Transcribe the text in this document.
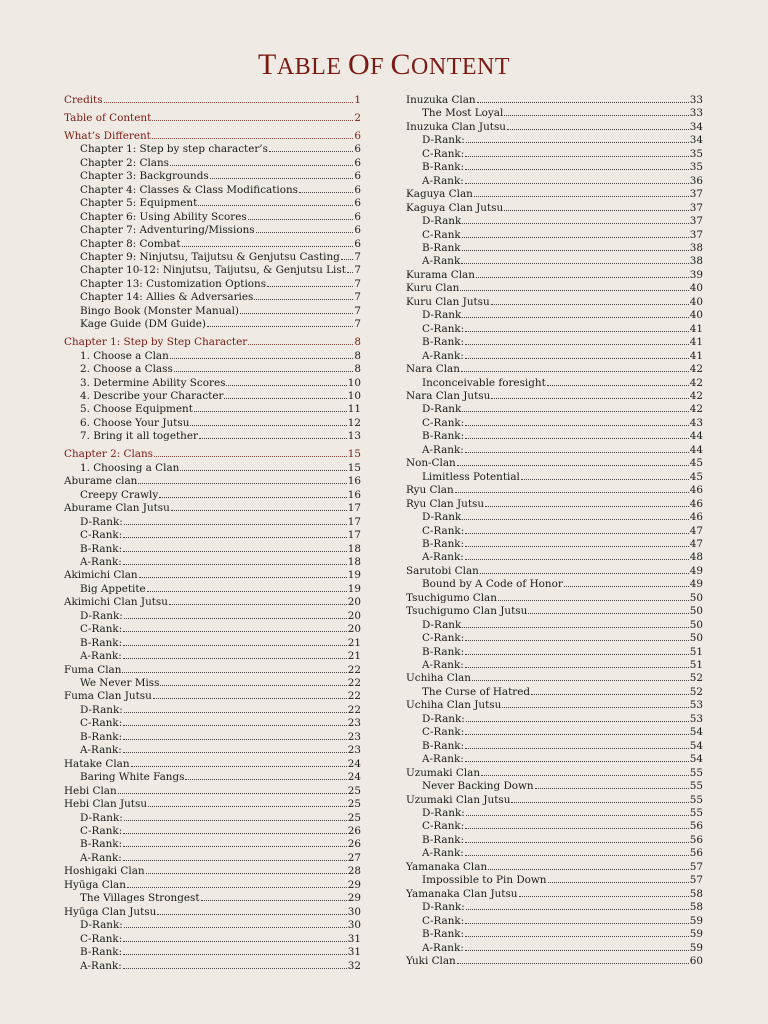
TABLE OF CONTENT
Credits	1
Table of Content	2
What’s Different	6
Chapter 1: Step by step character’s	6
Chapter 2: Clans	6
Chapter 3: Backgrounds	6
Chapter 4: Classes & Class Modifications	6
Chapter 5: Equipment	6
Chapter 6: Using Ability Scores	6
Chapter 7: Adventuring/Missions	6
Chapter 8: Combat	6
Chapter 9: Ninjutsu, Taijutsu & Genjutsu Casting 7
Chapter 10-12: Ninjutsu, Taijutsu, & Genjutsu List 7
Chapter 13: Customization Options	7
Chapter 14: Allies & Adversaries	7
Bingo Book (Monster Manual)	7
Kage Guide (DM Guide)	7
Chapter 1: Step by Step Character	8
1. Choose a Clan	8
2. Choose a Class	8
3. Determine Ability Scores	10
4. Describe your Character	10
5. Choose Equipment	11
6. Choose Your Jutsu	12
7. Bring it all together	13
Chapter 2: Clans	15
1. Choosing a Clan	15
Aburame clan	16
Creepy Crawly	16
Aburame Clan Jutsu	17
D-Rank:	17
C-Rank:	17
B-Rank:	18
A-Rank:	18
Akimichi Clan	19
Big Appetite	19
Akimichi Clan Jutsu	20
D-Rank:	20
C-Rank:	20
B-Rank:	21
A-Rank:	21
Fuma Clan	22
We Never Miss	22
Fuma Clan Jutsu	22
D-Rank:	22
C-Rank:	23
B-Rank:	23
A-Rank:	23
Hatake Clan	24
Baring White Fangs	24
Hebi Clan	25
Hebi Clan Jutsu	25
D-Rank:	25
C-Rank:	26
B-Rank:	26
A-Rank:	27
Hoshigaki Clan	28
Hyūga Clan	29
The Villages Strongest	29
Hyūga Clan Jutsu	30
D-Rank:	30
C-Rank:	31
B-Rank:	31
A-Rank:	32
Inuzuka Clan	33
The Most Loyal	33
Inuzuka Clan Jutsu	34
D-Rank:	34
C-Rank:	35
B-Rank:	35
A-Rank:	36
Kaguya Clan	37
Kaguya Clan Jutsu	37
D-Rank	37
C-Rank	37
B-Rank	38
A-Rank	38
Kurama Clan	39
Kuru Clan	40
Kuru Clan Jutsu	40
D-Rank	40
C-Rank:	41
B-Rank:	41
A-Rank:	41
Nara Clan	42
Inconceivable foresight	42
Nara Clan Jutsu	42
D-Rank	42
C-Rank:	43
B-Rank:	44
A-Rank:	44
Non-Clan	45
Limitless Potential	45
Ryu Clan	46
Ryu Clan Jutsu	46
D-Rank	46
C-Rank:	47
B-Rank:	47
A-Rank:	48
Sarutobi Clan	49
Bound by A Code of Honor	49
Tsuchigumo Clan	50
Tsuchigumo Clan Jutsu	50
D-Rank	50
C-Rank:	50
B-Rank:	51
A-Rank:	51
Uchiha Clan	52
The Curse of Hatred	52
Uchiha Clan Jutsu	53
D-Rank:	53
C-Rank:	54
B-Rank:	54
A-Rank:	54
Uzumaki Clan	55
Never Backing Down	55
Uzumaki Clan Jutsu	55
D-Rank:	55
C-Rank:	56
B-Rank:	56
A-Rank:	56
Yamanaka Clan	57
Impossible to Pin Down	57
Yamanaka Clan Jutsu	58
D-Rank:	58
C-Rank:	59
B-Rank:	59
A-Rank:	59
Yuki Clan	60
